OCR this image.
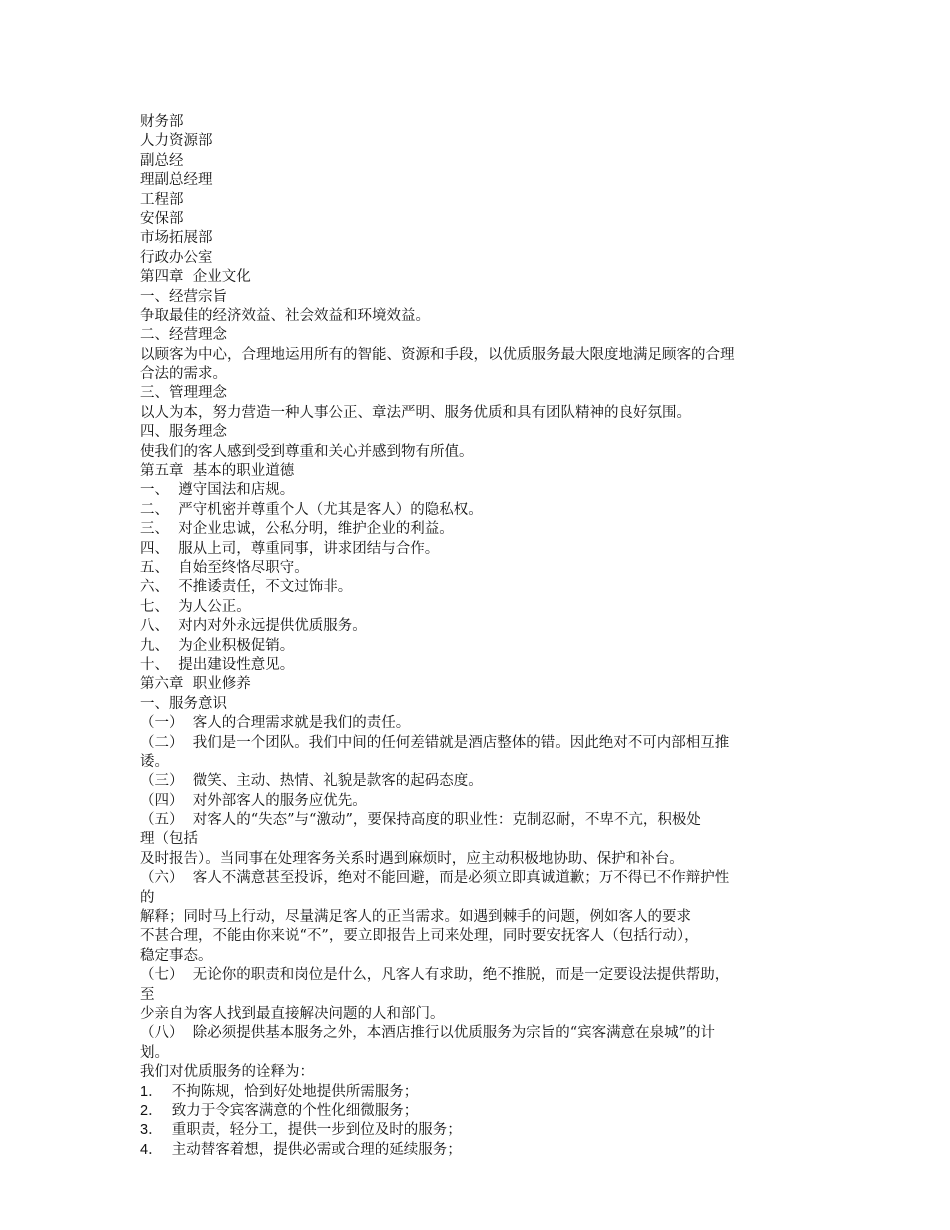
财务部
人力资源部
副总经
理副总经理
工程部
安保部
市场拓展部
行政办公室
第四章  企业文化
一、经营宗旨
争取最佳的经济效益、社会效益和环境效益。
二、经营理念
以顾客为中心，合理地运用所有的智能、资源和手段，以优质服务最大限度地满足顾客的合理
合法的需求。
三、管理理念
以人为本，努力营造一种人事公正、章法严明、服务优质和具有团队精神的良好氛围。
四、服务理念
使我们的客人感到受到尊重和关心并感到物有所值。
第五章  基本的职业道德
一、  遵守国法和店规。
二、  严守机密并尊重个人（尤其是客人）的隐私权。
三、  对企业忠诚，公私分明，维护企业的利益。
四、  服从上司，尊重同事，讲求团结与合作。
五、  自始至终恪尽职守。
六、  不推诿责任，不文过饰非。
七、  为人公正。
八、  对内对外永远提供优质服务。
九、  为企业积极促销。
十、  提出建设性意见。
第六章  职业修养
一、服务意识
（一）  客人的合理需求就是我们的责任。
（二）  我们是一个团队。我们中间的任何差错就是酒店整体的错。因此绝对不可内部相互推
诿。
（三）  微笑、主动、热情、礼貌是款客的起码态度。
（四）  对外部客人的服务应优先。
（五）  对客人的“失态”与“激动”，要保持高度的职业性：克制忍耐，不卑不亢，积极处
理（包括
及时报告）。当同事在处理客务关系时遇到麻烦时，应主动积极地协助、保护和补台。
（六）  客人不满意甚至投诉，绝对不能回避，而是必须立即真诚道歉；万不得已不作辩护性
的
解释；同时马上行动，尽量满足客人的正当需求。如遇到棘手的问题，例如客人的要求
不甚合理，不能由你来说“不”，要立即报告上司来处理，同时要安抚客人（包括行动），
稳定事态。
（七）  无论你的职责和岗位是什么，凡客人有求助，绝不推脱，而是一定要设法提供帮助，
至
少亲自为客人找到最直接解决问题的人和部门。
（八）  除必须提供基本服务之外，本酒店推行以优质服务为宗旨的“宾客满意在泉城”的计
划。
我们对优质服务的诠释为：
1． 不拘陈规，恰到好处地提供所需服务；
2． 致力于令宾客满意的个性化细微服务；
3． 重职责，轻分工，提供一步到位及时的服务；
4． 主动替客着想，提供必需或合理的延续服务；
